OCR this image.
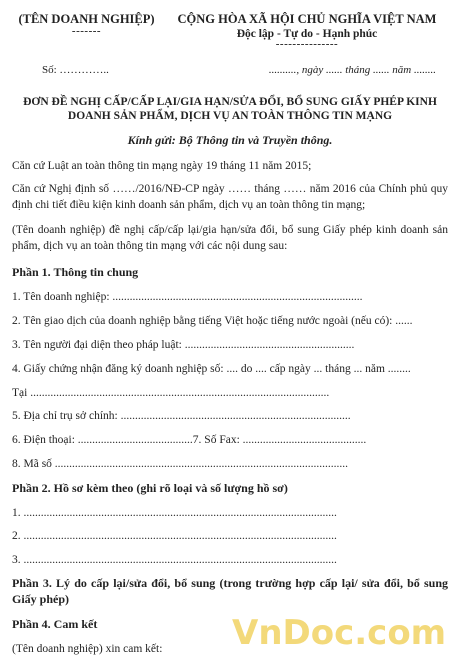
(TÊN DOANH NGHIỆP)
-------
CỘNG HÒA XÃ HỘI CHỦ NGHĨA VIỆT NAM
Độc lập - Tự do - Hạnh phúc
---------------
Số: …………..	.........., ngày ...... tháng ...... năm ........
ĐƠN ĐỀ NGHỊ CẤP/CẤP LẠI/GIA HẠN/SỬA ĐỔI, BỔ SUNG GIẤY PHÉP KINH
DOANH SẢN PHẨM, DỊCH VỤ AN TOÀN THÔNG TIN MẠNG
Kính gửi: Bộ Thông tin và Truyền thông.
Căn cứ Luật an toàn thông tin mạng ngày 19 tháng 11 năm 2015;
Căn cứ Nghị định số ……/2016/NĐ-CP ngày …… tháng …… năm 2016 của Chính phủ quy định chi tiết điều kiện kinh doanh sản phẩm, dịch vụ an toàn thông tin mạng;
(Tên doanh nghiệp) đề nghị cấp/cấp lại/gia hạn/sửa đổi, bổ sung Giấy phép kinh doanh sản phẩm, dịch vụ an toàn thông tin mạng với các nội dung sau:
Phần 1. Thông tin chung
1. Tên doanh nghiệp: .......................................................................................
2. Tên giao dịch của doanh nghiệp bằng tiếng Việt hoặc tiếng nước ngoài (nếu có): ......
3. Tên người đại diện theo pháp luật: ...........................................................
4. Giấy chứng nhận đăng ký doanh nghiệp số: .... do .... cấp ngày ... tháng ... năm ........
Tại ........................................................................................................
5. Địa chỉ trụ sở chính: ................................................................................
6. Điện thoại: ........................................7. Số Fax: ...........................................
8. Mã số ......................................................................................................
Phần 2. Hồ sơ kèm theo (ghi rõ loại và số lượng hồ sơ)
1. .............................................................................................................
2. .............................................................................................................
3. .............................................................................................................
Phần 3. Lý do cấp lại/sửa đổi, bổ sung (trong trường hợp cấp lại/ sửa đổi, bổ sung Giấy phép)
Phần 4. Cam kết
(Tên doanh nghiệp) xin cam kết:	VnDoc.com
